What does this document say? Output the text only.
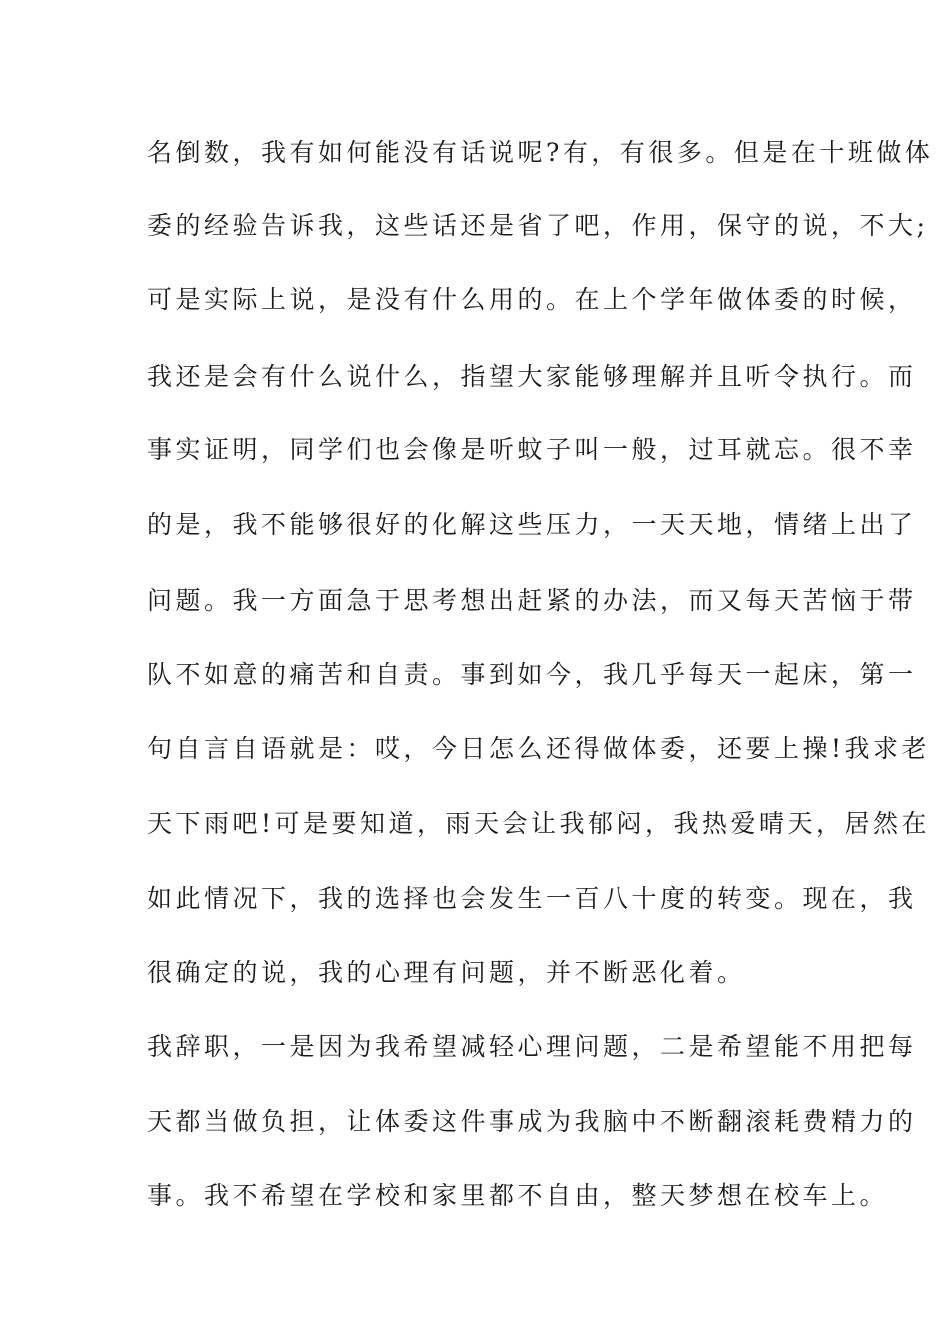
名倒数，我有如何能没有话说呢?有，有很多。但是在十班做体
委的经验告诉我，这些话还是省了吧，作用，保守的说，不大;
可是实际上说，是没有什么用的。在上个学年做体委的时候，
我还是会有什么说什么，指望大家能够理解并且听令执行。而
事实证明，同学们也会像是听蚊子叫一般，过耳就忘。很不幸
的是，我不能够很好的化解这些压力，一天天地，情绪上出了
问题。我一方面急于思考想出赶紧的办法，而又每天苦恼于带
队不如意的痛苦和自责。事到如今，我几乎每天一起床，第一
句自言自语就是：哎，今日怎么还得做体委，还要上操!我求老
天下雨吧!可是要知道，雨天会让我郁闷，我热爱晴天，居然在
如此情况下，我的选择也会发生一百八十度的转变。现在，我
很确定的说，我的心理有问题，并不断恶化着。
我辞职，一是因为我希望减轻心理问题，二是希望能不用把每
天都当做负担，让体委这件事成为我脑中不断翻滚耗费精力的
事。我不希望在学校和家里都不自由，整天梦想在校车上。
